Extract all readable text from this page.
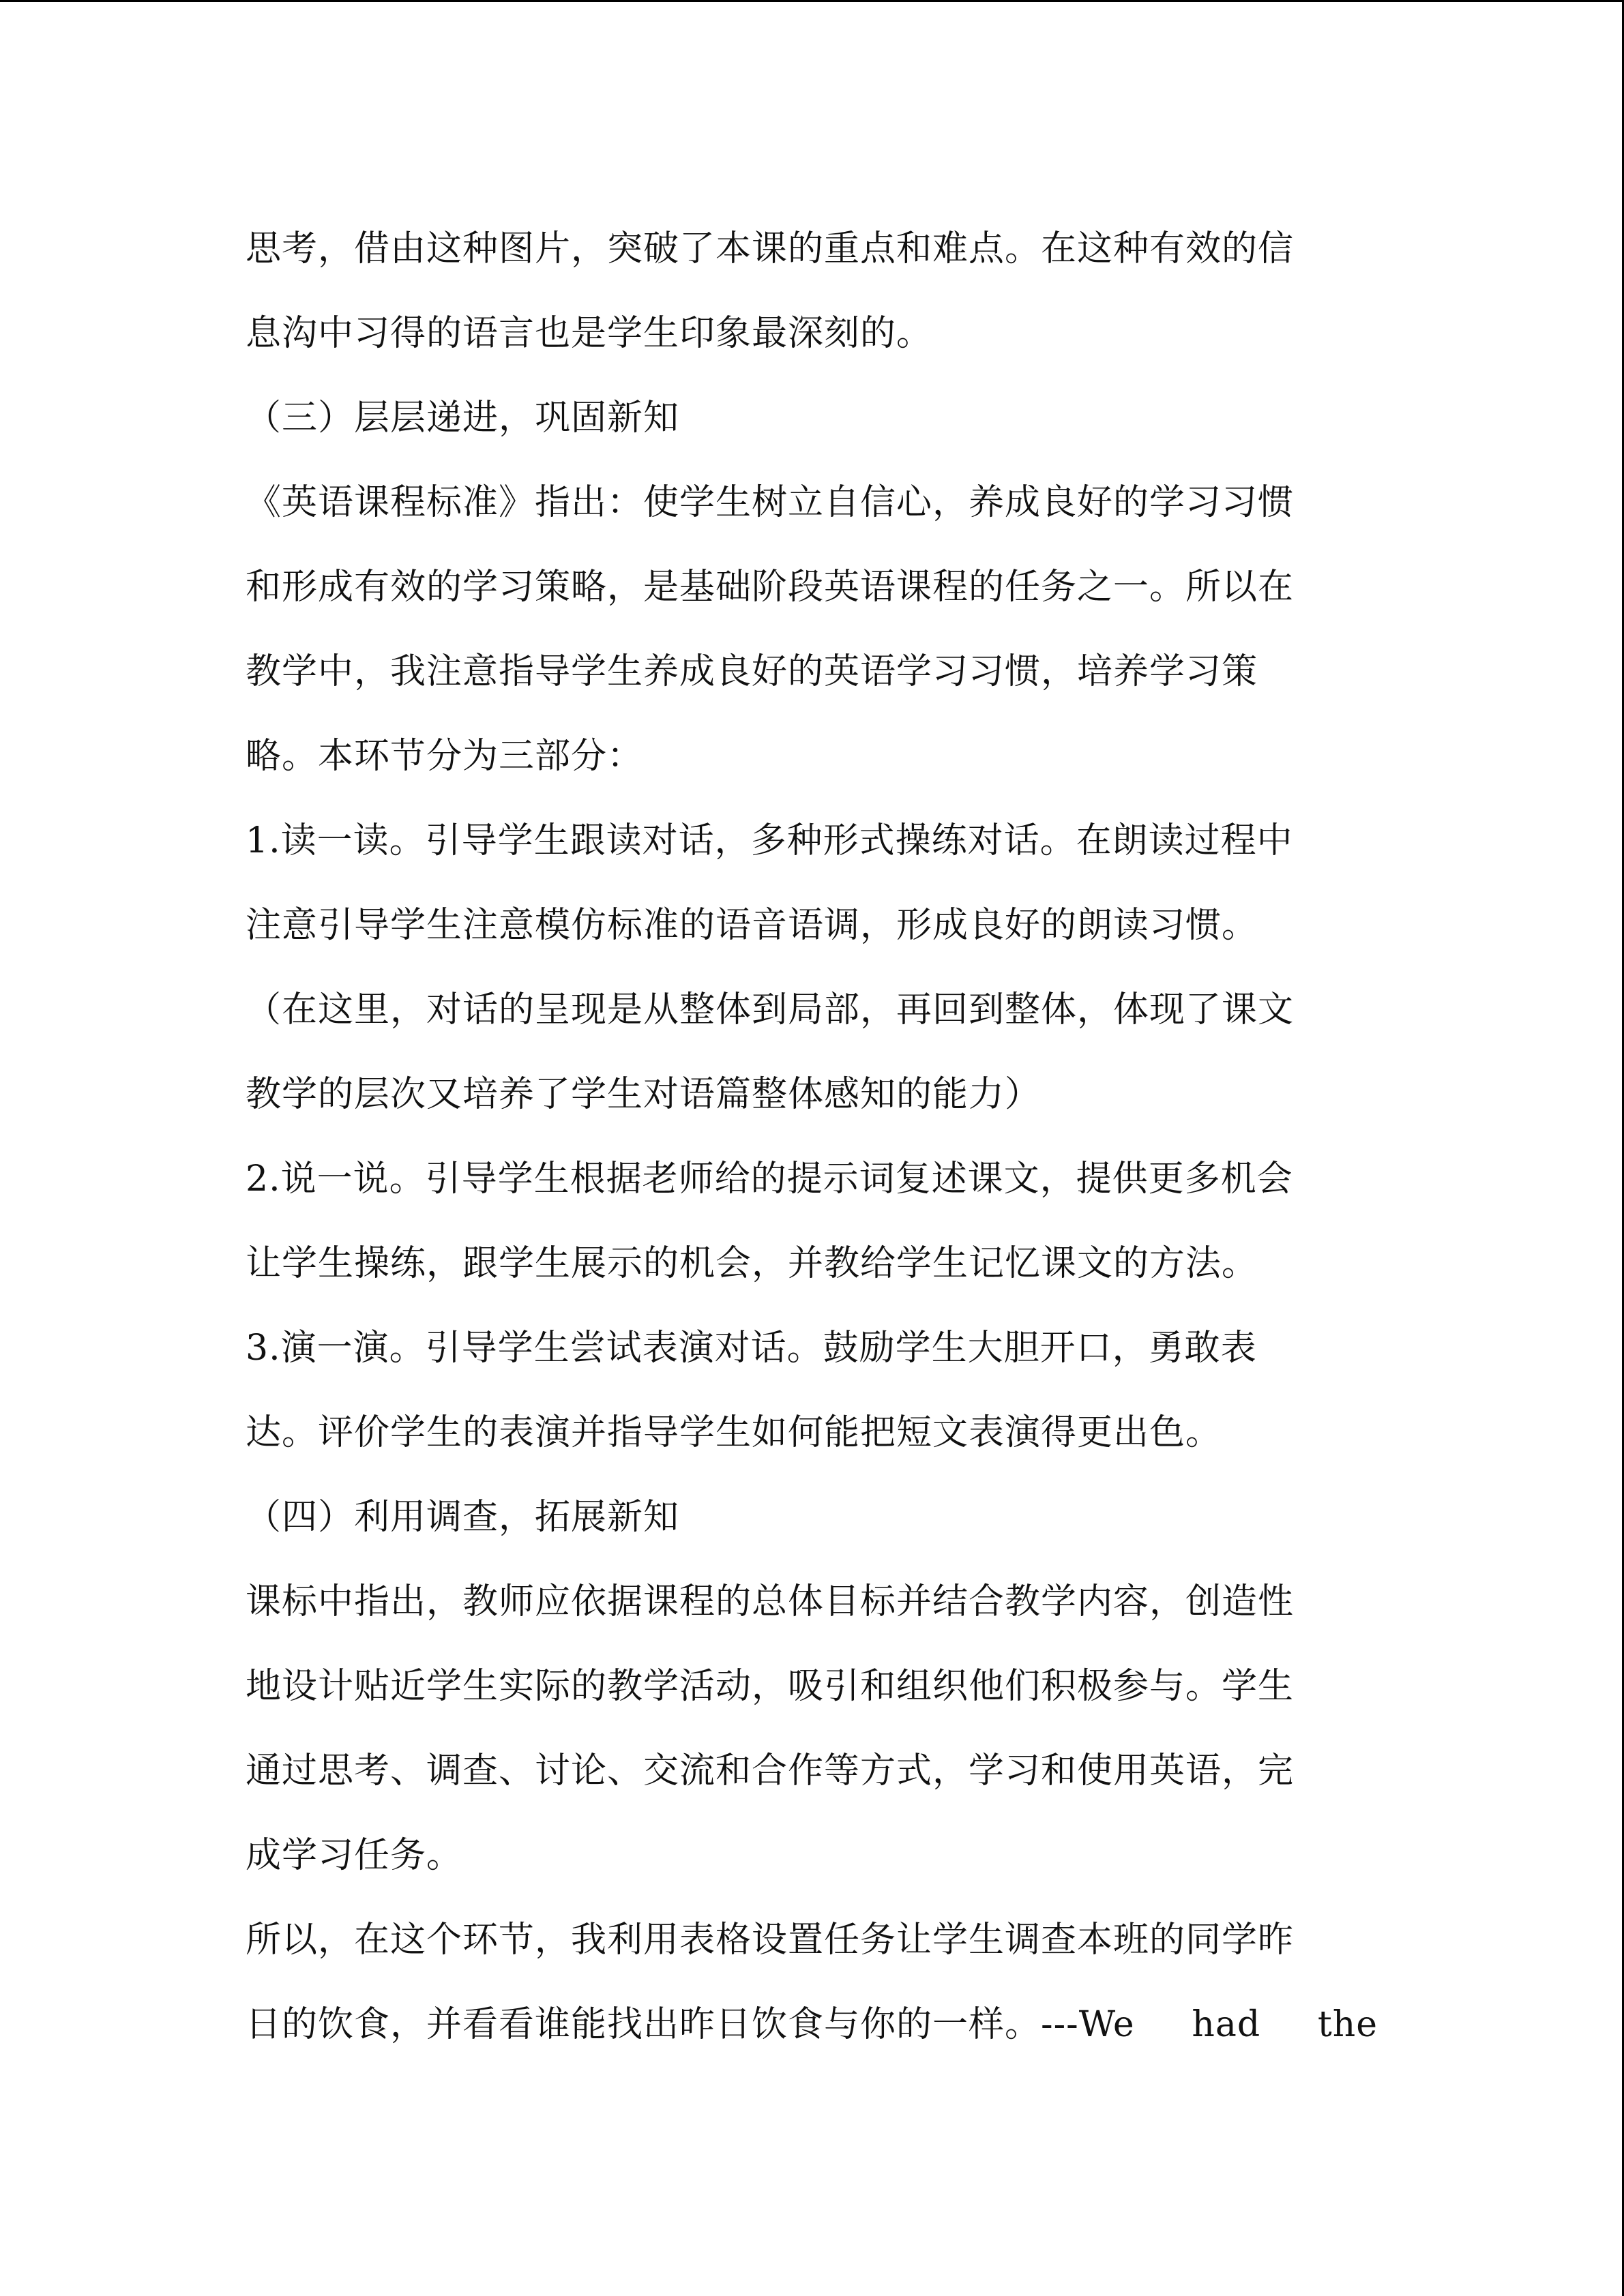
思考，借由这种图片，突破了本课的重点和难点。在这种有效的信
息沟中习得的语言也是学生印象最深刻的。
（三）层层递进，巩固新知
《英语课程标准》指出：使学生树立自信心，养成良好的学习习惯
和形成有效的学习策略，是基础阶段英语课程的任务之一。所以在
教学中，我注意指导学生养成良好的英语学习习惯，培养学习策
略。本环节分为三部分：
1.读一读。引导学生跟读对话，多种形式操练对话。在朗读过程中
注意引导学生注意模仿标准的语音语调，形成良好的朗读习惯。
（在这里，对话的呈现是从整体到局部，再回到整体，体现了课文
教学的层次又培养了学生对语篇整体感知的能力）
2.说一说。引导学生根据老师给的提示词复述课文，提供更多机会
让学生操练，跟学生展示的机会，并教给学生记忆课文的方法。
3.演一演。引导学生尝试表演对话。鼓励学生大胆开口，勇敢表
达。评价学生的表演并指导学生如何能把短文表演得更出色。
（四）利用调查，拓展新知
课标中指出，教师应依据课程的总体目标并结合教学内容，创造性
地设计贴近学生实际的教学活动，吸引和组织他们积极参与。学生
通过思考、调查、讨论、交流和合作等方式，学习和使用英语，完
成学习任务。
所以，在这个环节，我利用表格设置任务让学生调查本班的同学昨
日的饮食，并看看谁能找出昨日饮食与你的一样。---We had the
